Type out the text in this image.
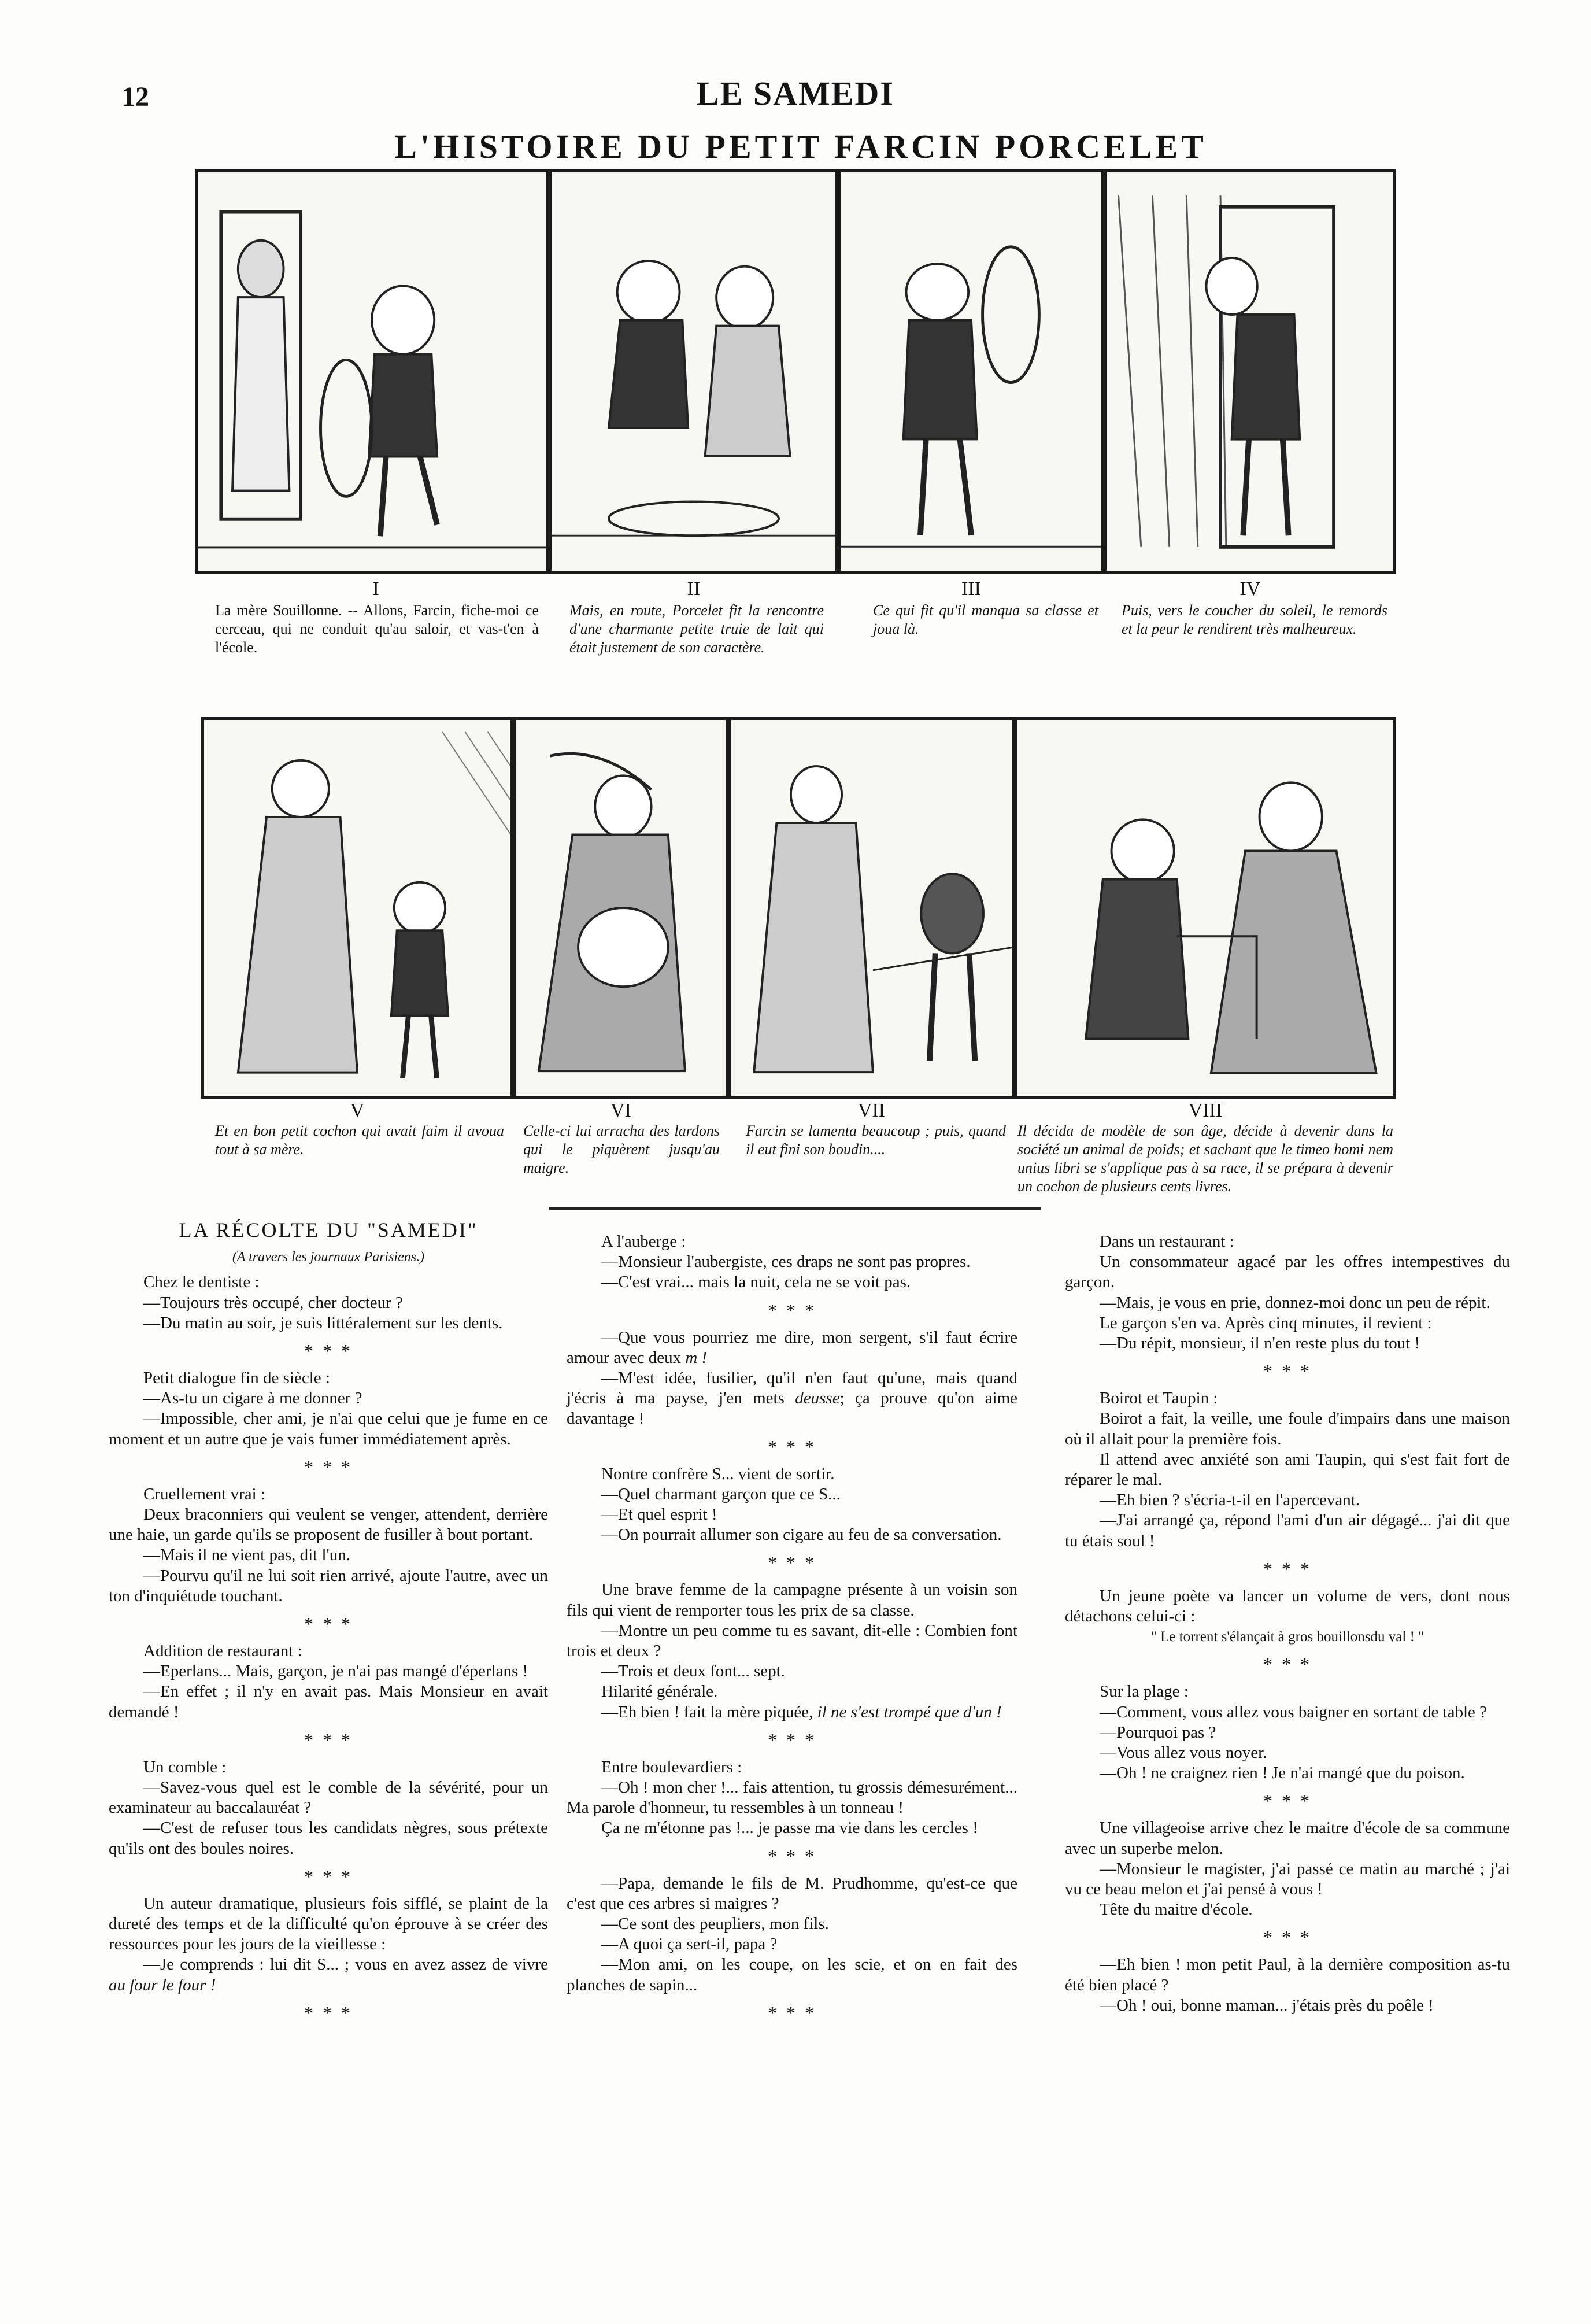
12	LE SAMEDI
L'HISTOIRE DU PETIT FARCIN PORCELET
I
La mère Souillonne. -- Allons, Farcin, fiche-moi ce cerceau, qui ne conduit qu'au saloir, et vas-t'en à l'école.
II
Mais, en route, Porcelet fit la rencontre d'une charmante petite truie de lait qui était justement de son caractère.
III
Ce qui fit qu'il manqua sa classe et joua là.
IV
Puis, vers le coucher du soleil, le remords et la peur le rendirent très malheureux.
V
Et en bon petit cochon qui avait faim il avoua tout à sa mère.
VI
Celle-ci lui arracha des lardons qui le piquèrent jusqu'au maigre.
VII
Farcin se lamenta beaucoup ; puis, quand il eut fini son boudin....
VIII
Il décida de modèle de son âge, décide à devenir dans la société un animal de poids; et sachant que le timeo homi nem unius libri se s'applique pas à sa race, il se prépara à devenir un cochon de plusieurs cents livres.

LA RÉCOLTE DU "SAMEDI"

(A travers les journaux Parisiens.)

Chez le dentiste :

—Toujours très occupé, cher docteur ?

—Du matin au soir, je suis littéralement sur les dents.

* * *

Petit dialogue fin de siècle :

—As-tu un cigare à me donner ?

—Impossible, cher ami, je n'ai que celui que je fume en ce moment et un autre que je vais fumer immédiatement après.

* * *

Cruellement vrai :

Deux braconniers qui veulent se venger, attendent, derrière une haie, un garde qu'ils se proposent de fusiller à bout portant.

—Mais il ne vient pas, dit l'un.

—Pourvu qu'il ne lui soit rien arrivé, ajoute l'autre, avec un ton d'inquiétude touchant.

* * *

Addition de restaurant :

—Eperlans... Mais, garçon, je n'ai pas mangé d'éperlans !

—En effet ; il n'y en avait pas. Mais Monsieur en avait demandé !

* * *

Un comble :

—Savez-vous quel est le comble de la sévérité, pour un examinateur au baccalauréat ?

—C'est de refuser tous les candidats nègres, sous prétexte qu'ils ont des boules noires.

* * *

Un auteur dramatique, plusieurs fois sifflé, se plaint de la dureté des temps et de la difficulté qu'on éprouve à se créer des ressources pour les jours de la vieillesse :

—Je comprends : lui dit S... ; vous en avez assez de vivre au four le four !

* * *

A l'auberge :

—Monsieur l'aubergiste, ces draps ne sont pas propres.

—C'est vrai... mais la nuit, cela ne se voit pas.

* * *

—Que vous pourriez me dire, mon sergent, s'il faut écrire amour avec deux m !

—M'est idée, fusilier, qu'il n'en faut qu'une, mais quand j'écris à ma payse, j'en mets deusse; ça prouve qu'on aime davantage !

* * *

Nontre confrère S... vient de sortir.

—Quel charmant garçon que ce S...

—Et quel esprit !

—On pourrait allumer son cigare au feu de sa conversation.

* * *

Une brave femme de la campagne présente à un voisin son fils qui vient de remporter tous les prix de sa classe.

—Montre un peu comme tu es savant, dit-elle : Combien font trois et deux ?

—Trois et deux font... sept.

Hilarité générale.

—Eh bien ! fait la mère piquée, il ne s'est trompé que d'un !

* * *

Entre boulevardiers :

—Oh ! mon cher !... fais attention, tu grossis démesurément... Ma parole d'honneur, tu ressembles à un tonneau !

Ça ne m'étonne pas !... je passe ma vie dans les cercles !

* * *

—Papa, demande le fils de M. Prudhomme, qu'est-ce que c'est que ces arbres si maigres ?

—Ce sont des peupliers, mon fils.

—A quoi ça sert-il, papa ?

—Mon ami, on les coupe, on les scie, et on en fait des planches de sapin...

* * *

Dans un restaurant :

Un consommateur agacé par les offres intempestives du garçon.

—Mais, je vous en prie, donnez-moi donc un peu de répit.

Le garçon s'en va. Après cinq minutes, il revient :

—Du répit, monsieur, il n'en reste plus du tout !

* * *

Boirot et Taupin :

Boirot a fait, la veille, une foule d'impairs dans une maison où il allait pour la première fois.

Il attend avec anxiété son ami Taupin, qui s'est fait fort de réparer le mal.

—Eh bien ? s'écria-t-il en l'apercevant.

—J'ai arrangé ça, répond l'ami d'un air dégagé... j'ai dit que tu étais soul !

* * *

Un jeune poète va lancer un volume de vers, dont nous détachons celui-ci :

" Le torrent s'élançait à gros bouillonsdu val ! "

* * *

Sur la plage :

—Comment, vous allez vous baigner en sortant de table ?

—Pourquoi pas ?

—Vous allez vous noyer.

—Oh ! ne craignez rien ! Je n'ai mangé que du poison.

* * *

Une villageoise arrive chez le maitre d'école de sa commune avec un superbe melon.

—Monsieur le magister, j'ai passé ce matin au marché ; j'ai vu ce beau melon et j'ai pensé à vous !

Tête du maitre d'école.

* * *

—Eh bien ! mon petit Paul, à la dernière composition as-tu été bien placé ?

—Oh ! oui, bonne maman... j'étais près du poêle !
